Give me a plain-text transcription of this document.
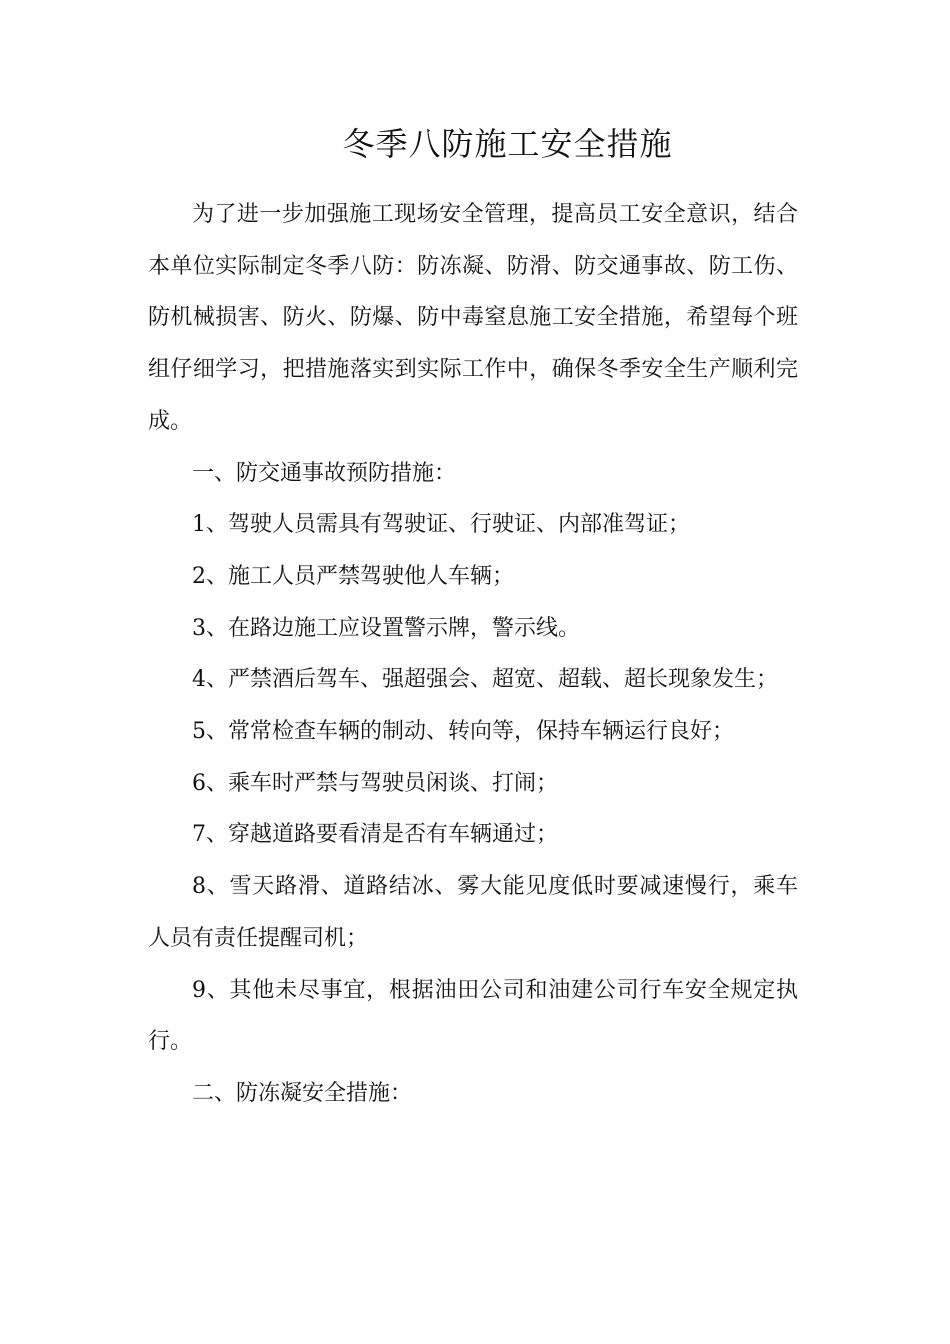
冬季八防施工安全措施

为了进一步加强施工现场安全管理，提高员工安全意识，结合本单位实际制定冬季八防：防冻凝、防滑、防交通事故、防工伤、防机械损害、防火、防爆、防中毒窒息施工安全措施，希望每个班组仔细学习，把措施落实到实际工作中，确保冬季安全生产顺利完成。

一、防交通事故预防措施：

1、驾驶人员需具有驾驶证、行驶证、内部准驾证；

2、施工人员严禁驾驶他人车辆；

3、在路边施工应设置警示牌，警示线。

4、严禁酒后驾车、强超强会、超宽、超载、超长现象发生；

5、常常检查车辆的制动、转向等，保持车辆运行良好；

6、乘车时严禁与驾驶员闲谈、打闹；

7、穿越道路要看清是否有车辆通过；

8、雪天路滑、道路结冰、雾大能见度低时要减速慢行，乘车人员有责任提醒司机；

9、其他未尽事宜，根据油田公司和油建公司行车安全规定执行。

二、防冻凝安全措施：
